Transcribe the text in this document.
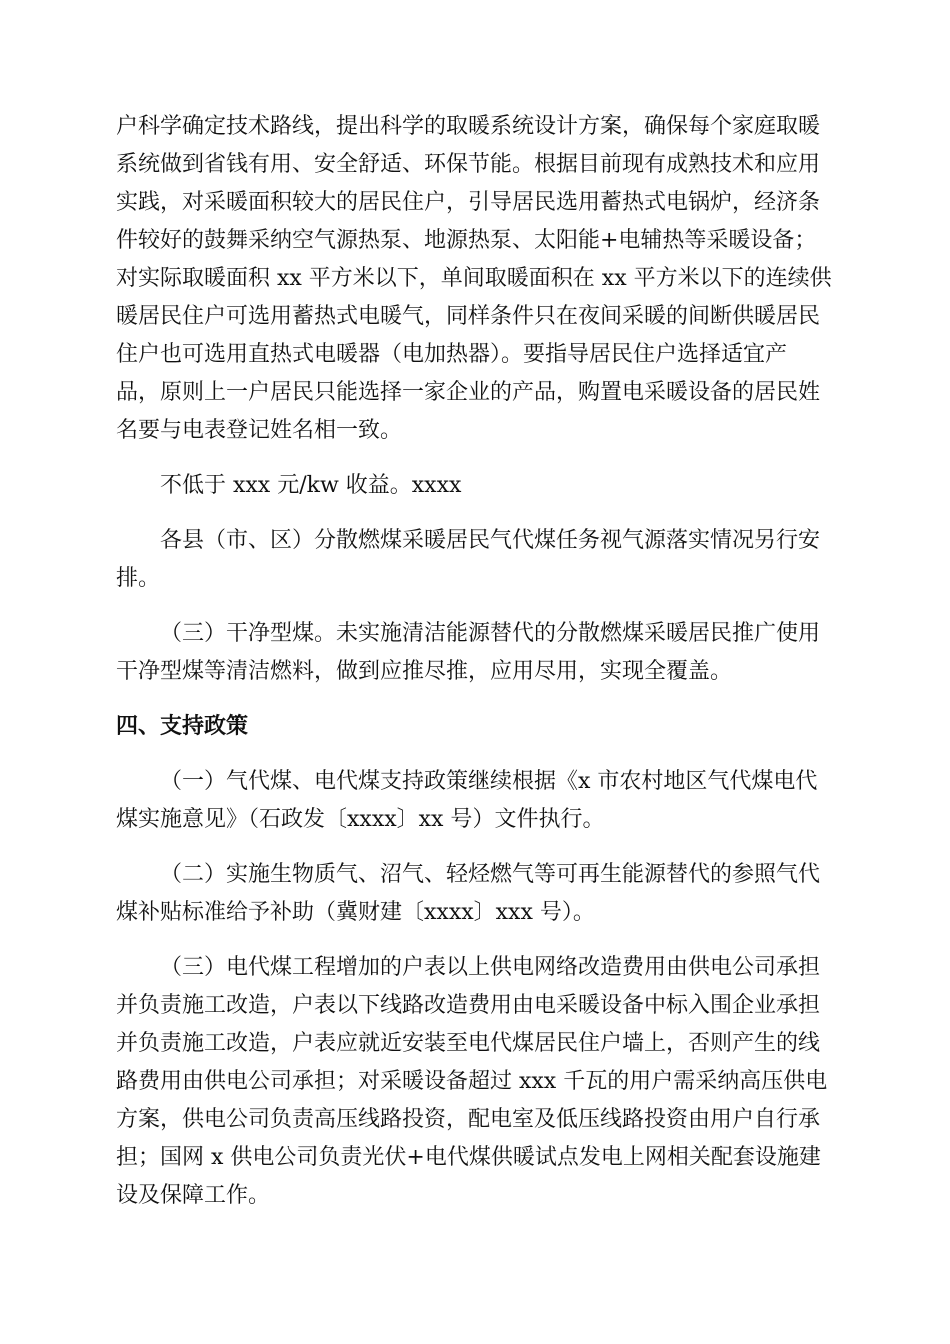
户科学确定技术路线，提出科学的取暖系统设计方案，确保每个家庭取暖
系统做到省钱有用、安全舒适、环保节能。根据目前现有成熟技术和应用
实践，对采暖面积较大的居民住户，引导居民选用蓄热式电锅炉，经济条
件较好的鼓舞采纳空气源热泵、地源热泵、太阳能+电辅热等采暖设备；
对实际取暖面积 xx 平方米以下，单间取暖面积在 xx 平方米以下的连续供
暖居民住户可选用蓄热式电暖气，同样条件只在夜间采暖的间断供暖居民
住户也可选用直热式电暖器（电加热器）。要指导居民住户选择适宜产
品，原则上一户居民只能选择一家企业的产品，购置电采暖设备的居民姓
名要与电表登记姓名相一致。
不低于 xxx 元/kw 收益。xxxx
各县（市、区）分散燃煤采暖居民气代煤任务视气源落实情况另行安
排。
（三）干净型煤。未实施清洁能源替代的分散燃煤采暖居民推广使用
干净型煤等清洁燃料，做到应推尽推，应用尽用，实现全覆盖。
四、支持政策
（一）气代煤、电代煤支持政策继续根据《x 市农村地区气代煤电代
煤实施意见》（石政发〔xxxx〕xx 号）文件执行。
（二）实施生物质气、沼气、轻烃燃气等可再生能源替代的参照气代
煤补贴标准给予补助（冀财建〔xxxx〕xxx 号）。
（三）电代煤工程增加的户表以上供电网络改造费用由供电公司承担
并负责施工改造，户表以下线路改造费用由电采暖设备中标入围企业承担
并负责施工改造，户表应就近安装至电代煤居民住户墙上，否则产生的线
路费用由供电公司承担；对采暖设备超过 xxx 千瓦的用户需采纳高压供电
方案，供电公司负责高压线路投资，配电室及低压线路投资由用户自行承
担；国网 x 供电公司负责光伏+电代煤供暖试点发电上网相关配套设施建
设及保障工作。
